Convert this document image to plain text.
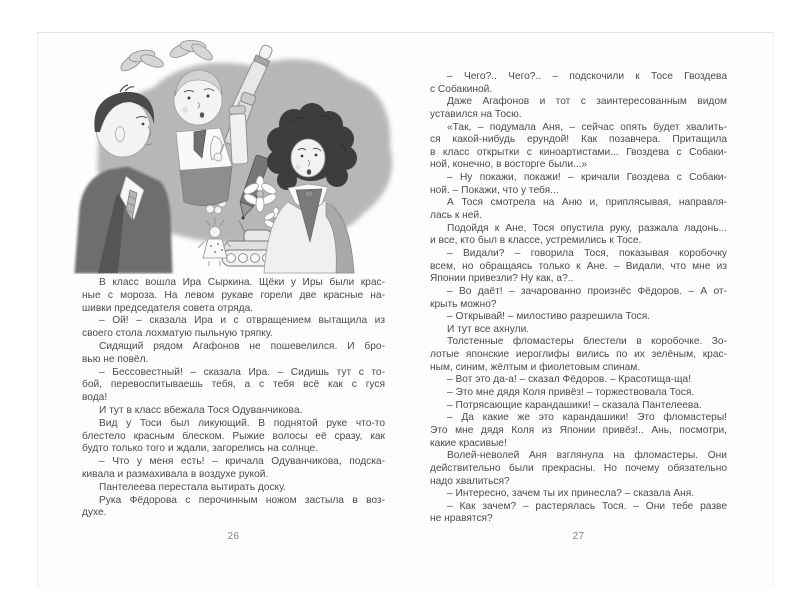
В класс вошла Ира Сыркина. Щёки у Иры были крас-
ные с мороза. На левом рукаве горели две красные на-
шивки председателя совета отряда.
– Ой! – сказала Ира и с отвращением вытащила из
своего стола лохматую пыльную тряпку.
Сидящий рядом Агафонов не пошевелился. И бро-
вью не повёл.
– Бессовестный! – сказала Ира. – Сидишь тут с то-
бой, перевоспитываешь тебя, а с тебя всё как с гуся
вода!
И тут в класс вбежала Тося Одуванчикова.
Вид у Тоси был ликующий. В поднятой руке что-то
блестело красным блеском. Рыжие волосы её сразу, как
будто только того и ждали, загорелись на солнце.
– Что у меня есть! – кричала Одуванчикова, подска-
кивала и размахивала в воздухе рукой.
Пантелеева перестала вытирать доску.
Рука Фёдорова с перочинным ножом застыла в воз-
духе.
26
– Чего?.. Чего?.. – подскочили к Тосе Гвоздева
с Собакиной.
Даже Агафонов и тот с заинтересованным видом
уставился на Тосю.
«Так, – подумала Аня, – сейчас опять будет хвалить-
ся какой-нибудь ерундой! Как позавчера. Притащила
в класс открытки с киноартистами... Гвоздева с Собаки-
ной, конечно, в восторге были...»
– Ну покажи, покажи! – кричали Гвоздева с Собаки-
ной. – Покажи, что у тебя...
А Тося смотрела на Аню и, приплясывая, направля-
лась к ней.
Подойдя к Ане, Тося опустила руку, разжала ладонь...
и все, кто был в классе, устремились к Тосе.
– Видали? – говорила Тося, показывая коробочку
всем, но обращаясь только к Ане. – Видали, что мне из
Японии привезли? Ну как, а?..
– Во даёт! – зачарованно произнёс Фёдоров. – А от-
крыть можно?
– Открывай! – милостиво разрешила Тося.
И тут все ахнули.
Толстенные фломастеры блестели в коробочке. Зо-
лотые японские иероглифы вились по их зелёным, крас-
ным, синим, жёлтым и фиолетовым спинам.
– Вот это да-а! – сказал Фёдоров. – Красотища-ща!
– Это мне дядя Коля привёз! – торжествовала Тося.
– Потрясающие карандашики! – сказала Пантелеева.
– Да какие же это карандашики! Это фломастеры!
Это мне дядя Коля из Японии привёз!.. Ань, посмотри,
какие красивые!
Волей-неволей Аня взглянула на фломастеры. Они
действительно были прекрасны. Но почему обязательно
надо хвалиться?
– Интересно, зачем ты их принесла? – сказала Аня.
– Как зачем? – растерялась Тося. – Они тебе разве
не нравятся?
27
